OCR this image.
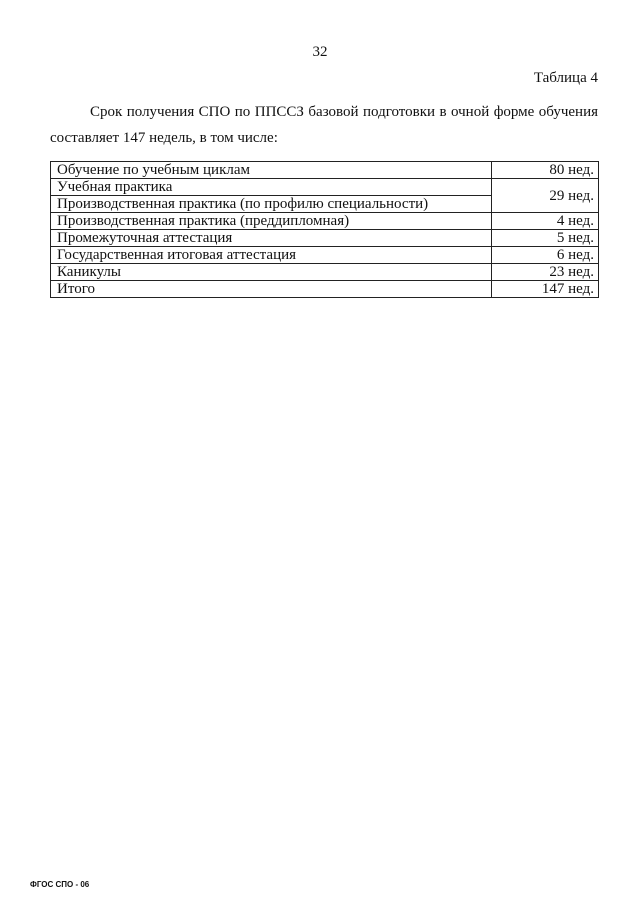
32
Таблица 4
Срок получения СПО по ППССЗ базовой подготовки в очной форме обучения составляет 147 недель, в том числе:
Обучение по учебным циклам	80 нед.
Учебная практика	29 нед.
Производственная практика (по профилю специальности)	
Производственная практика (преддипломная)	4 нед.
Промежуточная аттестация	5 нед.
Государственная итоговая аттестация	6 нед.
Каникулы	23 нед.
Итого	147 нед.
ФГОС СПО - 06
